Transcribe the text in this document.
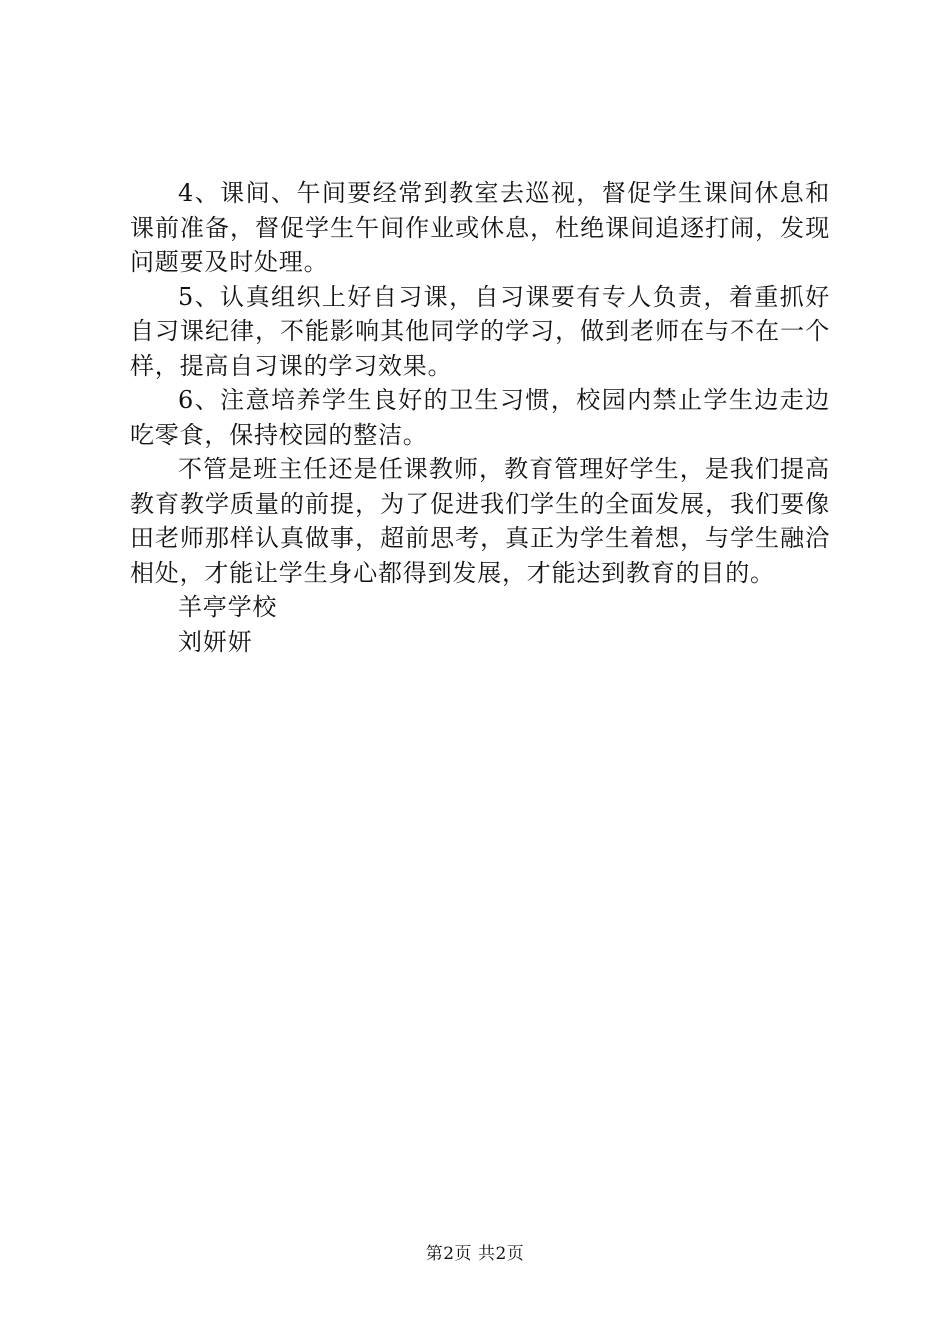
4、课间、午间要经常到教室去巡视，督促学生课间休息和课前准备，督促学生午间作业或休息，杜绝课间追逐打闹，发现问题要及时处理。

5、认真组织上好自习课，自习课要有专人负责，着重抓好自习课纪律，不能影响其他同学的学习，做到老师在与不在一个样，提高自习课的学习效果。

6、注意培养学生良好的卫生习惯，校园内禁止学生边走边吃零食，保持校园的整洁。

不管是班主任还是任课教师，教育管理好学生，是我们提高教育教学质量的前提，为了促进我们学生的全面发展，我们要像田老师那样认真做事，超前思考，真正为学生着想，与学生融洽相处，才能让学生身心都得到发展，才能达到教育的目的。

羊亭学校

刘妍妍

第2页 共2页
